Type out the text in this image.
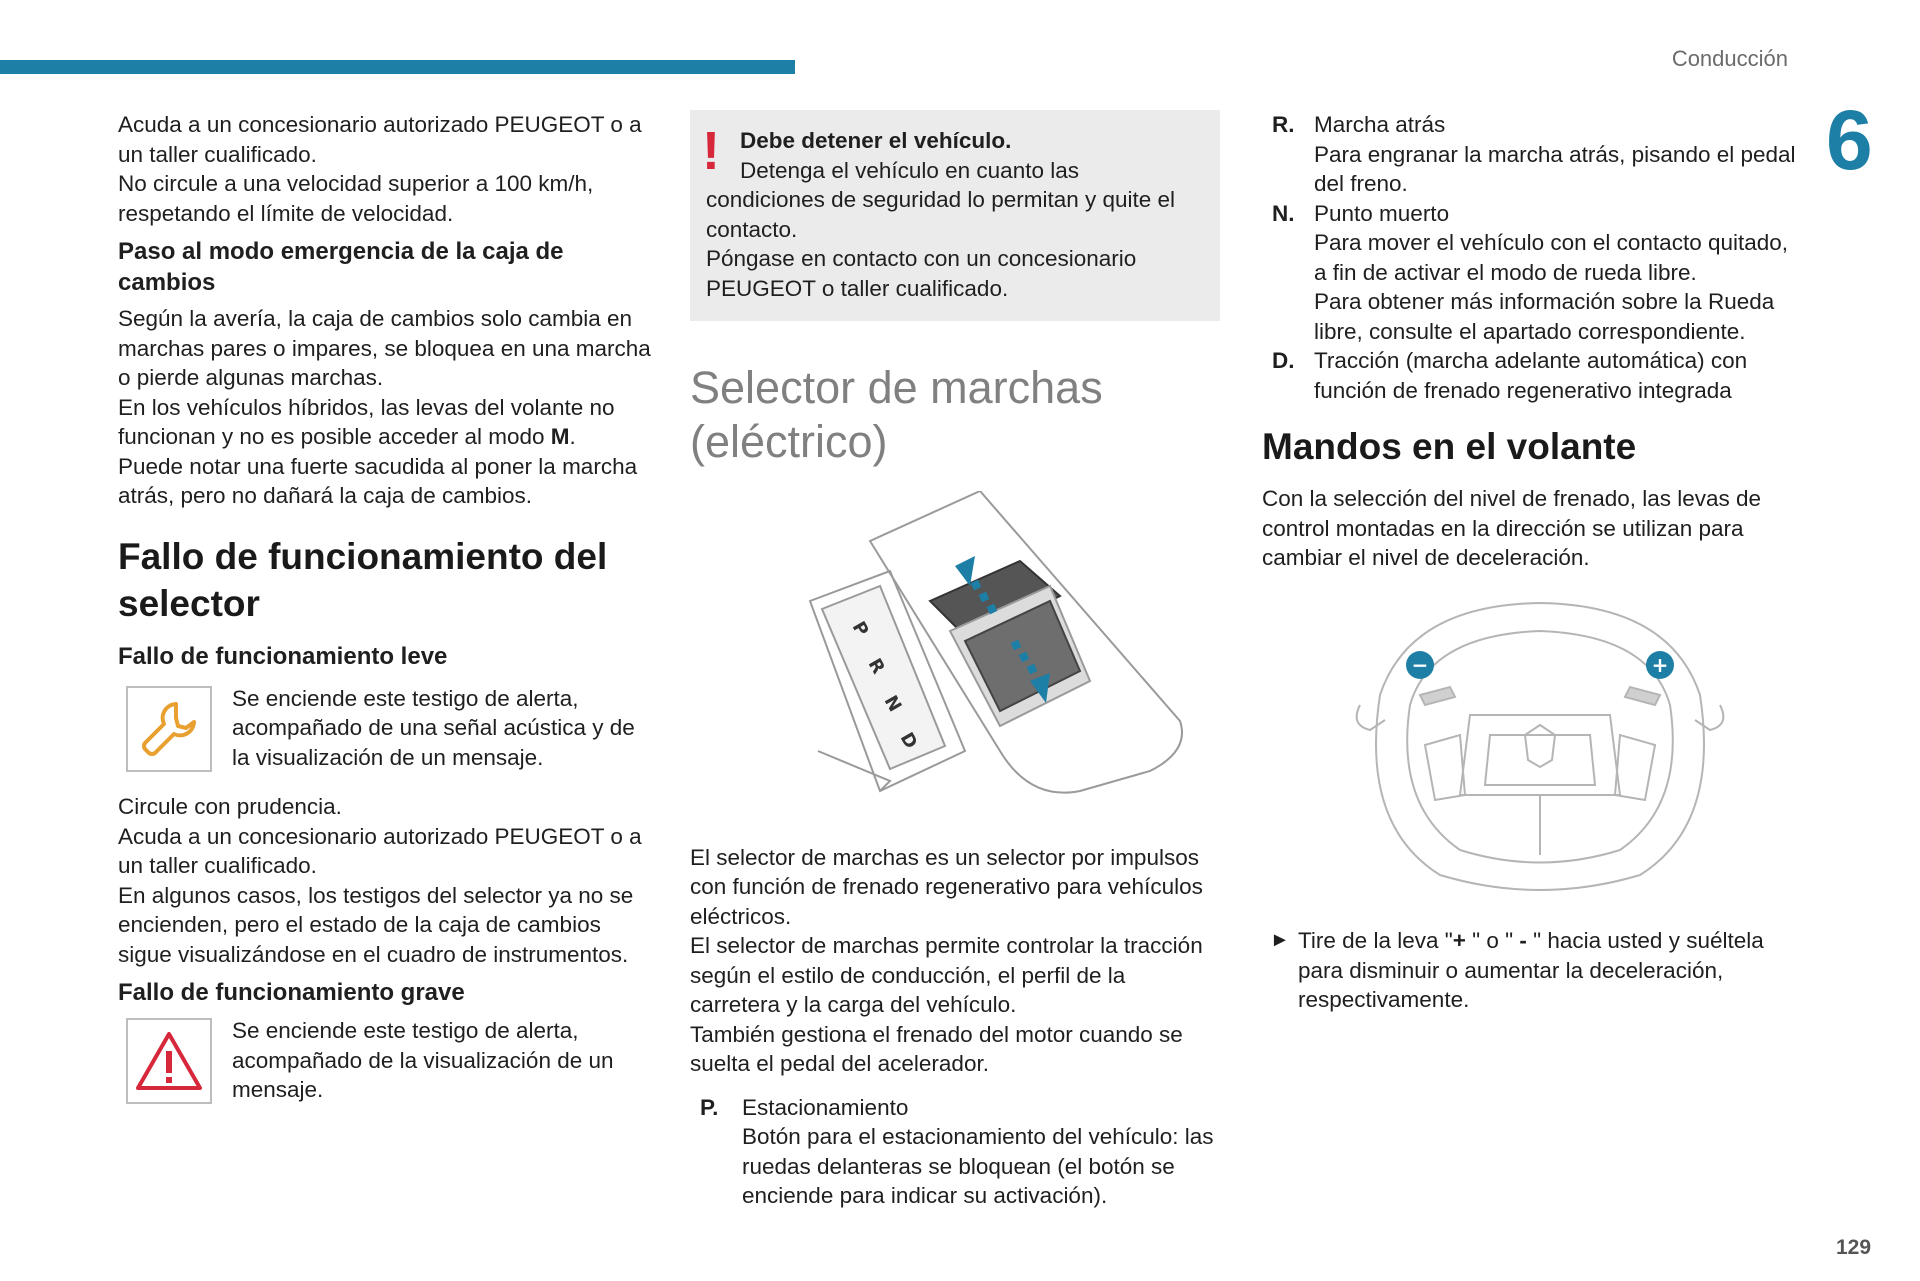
Conducción
6
129

Acuda a un concesionario autorizado PEUGEOT o a un taller cualificado.

No circule a una velocidad superior a 100 km/h, respetando el límite de velocidad.

Paso al modo emergencia de la caja de cambios

Según la avería, la caja de cambios solo cambia en marchas pares o impares, se bloquea en una marcha o pierde algunas marchas.

En los vehículos híbridos, las levas del volante no funcionan y no es posible acceder al modo M.

Puede notar una fuerte sacudida al poner la marcha atrás, pero no dañará la caja de cambios.

Fallo de funcionamiento del selector

Fallo de funcionamiento leve

Se enciende este testigo de alerta, acompañado de una señal acústica y de la visualización de un mensaje.

Circule con prudencia.

Acuda a un concesionario autorizado PEUGEOT o a un taller cualificado.

En algunos casos, los testigos del selector ya no se encienden, pero el estado de la caja de cambios sigue visualizándose en el cuadro de instrumentos.

Fallo de funcionamiento grave

Se enciende este testigo de alerta, acompañado de la visualización de un mensaje.
! Debe detener el vehículo.

Detenga el vehículo en cuanto las condiciones de seguridad lo permitan y quite el contacto.

Póngase en contacto con un concesionario PEUGEOT o taller cualificado.

Selector de marchas
(eléctrico)
P
R
N
D

El selector de marchas es un selector por impulsos con función de frenado regenerativo para vehículos eléctricos.

El selector de marchas permite controlar la tracción según el estilo de conducción, el perfil de la carretera y la carga del vehículo.

También gestiona el frenado del motor cuando se suelta el pedal del acelerador.

P.	Estacionamiento
Botón para el estacionamiento del vehículo: las ruedas delanteras se bloquean (el botón se enciende para indicar su activación).
R. Marcha atrás
Para engranar la marcha atrás, pisando el pedal del freno.
N. Punto muerto
Para mover el vehículo con el contacto quitado, a fin de activar el modo de rueda libre.
Para obtener más información sobre la Rueda libre, consulte el apartado correspondiente.
D. Tracción (marcha adelante automática) con función de frenado regenerativo integrada
Mandos en el volante

Con la selección del nivel de frenado, las levas de control montadas en la dirección se utilizan para cambiar el nivel de deceleración.

−	+
► Tire de la leva "+ " o " - " hacia usted y suéltela para disminuir o aumentar la deceleración, respectivamente.
